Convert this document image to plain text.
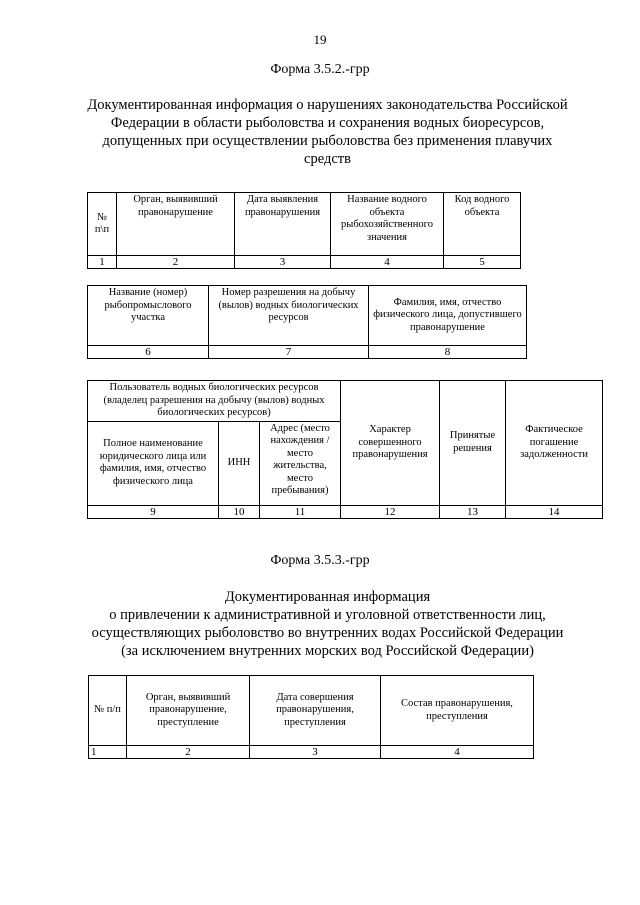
19
Форма 3.5.2.-грр
Документированная информация о нарушениях законодательства Российской
Федерации в области рыболовства и сохранения водных биоресурсов,
допущенных при осуществлении рыболовства без применения плавучих
средств
№ п\п	Орган, выявивший правонарушение	Дата выявления правонарушения	Название водного объекта рыбохозяйственного значения	Код водного объекта
1	2	3	4	5
Название (номер) рыбопромыслового участка	Номер разрешения на добычу (вылов) водных биологических ресурсов	Фамилия, имя, отчество физического лица, допустившего правонарушение
6	7	8
Пользователь водных биологических ресурсов (владелец разрешения на добычу (вылов) водных биологических ресурсов)			Характер совершенного правонарушения	Принятые решения	Фактическое погашение задолженности
Полное наименование юридического лица или фамилия, имя, отчество физического лица	ИНН	Адрес (место нахождения / место жительства, место пребывания)			
9	10	11	12	13	14
Форма 3.5.3.-грр
Документированная информация
о привлечении к административной и уголовной ответственности лиц,
осуществляющих рыболовство во внутренних водах Российской Федерации
(за исключением внутренних морских вод Российской Федерации)
№ п/п	Орган, выявивший правонарушение, преступление	Дата совершения правонарушения, преступления	Состав правонарушения, преступления
1	2	3	4
